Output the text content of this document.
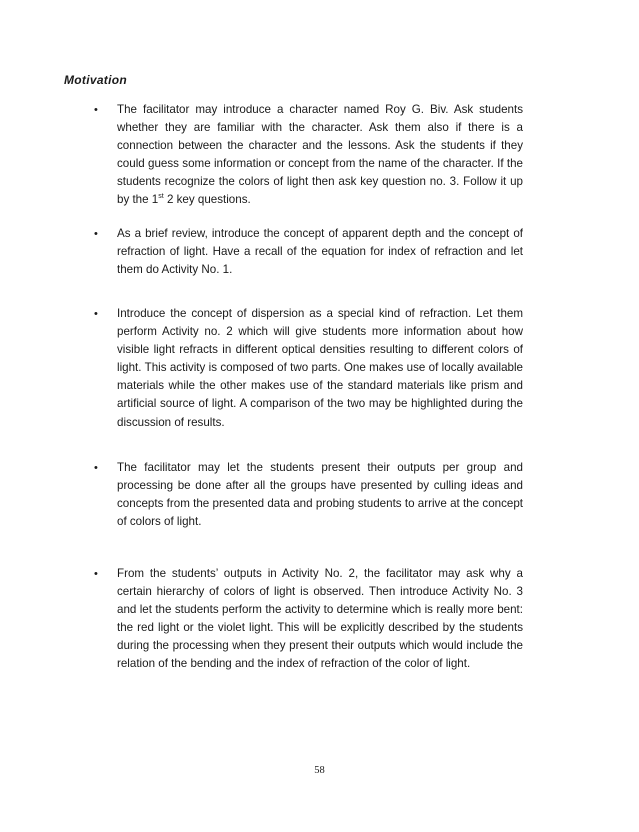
Motivation
• The facilitator may introduce a character named Roy G. Biv. Ask students whether they are familiar with the character. Ask them also if there is a connection between the character and the lessons. Ask the students if they could guess some information or concept from the name of the character. If the students recognize the colors of light then ask key question no. 3. Follow it up by the 1st 2 key questions.

• As a brief review, introduce the concept of apparent depth and the concept of refraction of light. Have a recall of the equation for index of refraction and let them do Activity No. 1.

• Introduce the concept of dispersion as a special kind of refraction. Let them perform Activity no. 2 which will give students more information about how visible light refracts in different optical densities resulting to different colors of light. This activity is composed of two parts. One makes use of locally available materials while the other makes use of the standard materials like prism and artificial source of light. A comparison of the two may be highlighted during the discussion of results.

• The facilitator may let the students present their outputs per group and processing be done after all the groups have presented by culling ideas and concepts from the presented data and probing students to arrive at the concept of colors of light.

• From the students’ outputs in Activity No. 2, the facilitator may ask why a certain hierarchy of colors of light is observed. Then introduce Activity No. 3 and let the students perform the activity to determine which is really more bent: the red light or the violet light. This will be explicitly described by the students during the processing when they present their outputs which would include the relation of the bending and the index of refraction of the color of light.

58
